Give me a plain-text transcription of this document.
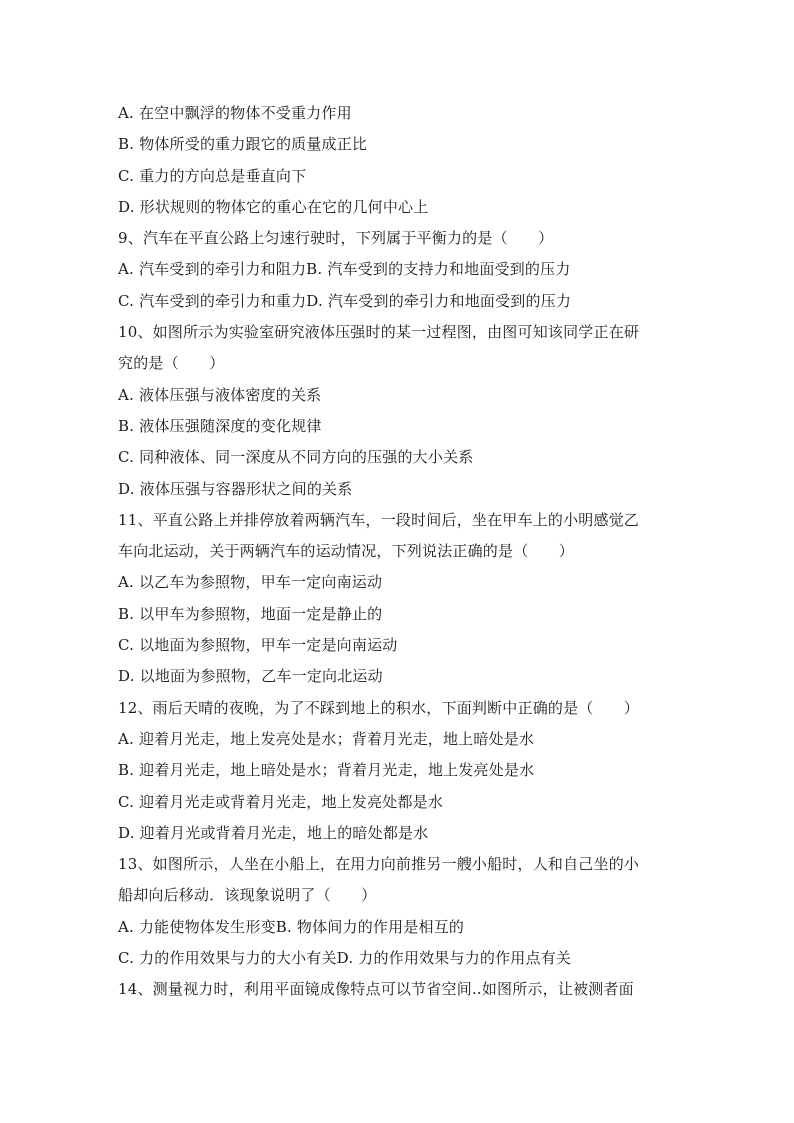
A. 在空中飘浮的物体不受重力作用
B. 物体所受的重力跟它的质量成正比
C. 重力的方向总是垂直向下
D. 形状规则的物体它的重心在它的几何中心上
9、汽车在平直公路上匀速行驶时，下列属于平衡力的是（　　）
A. 汽车受到的牵引力和阻力B. 汽车受到的支持力和地面受到的压力
C. 汽车受到的牵引力和重力D. 汽车受到的牵引力和地面受到的压力
10、如图所示为实验室研究液体压强时的某一过程图，由图可知该同学正在研
究的是（　　）
A. 液体压强与液体密度的关系
B. 液体压强随深度的变化规律
C. 同种液体、同一深度从不同方向的压强的大小关系
D. 液体压强与容器形状之间的关系
11、平直公路上并排停放着两辆汽车，一段时间后，坐在甲车上的小明感觉乙
车向北运动，关于两辆汽车的运动情况，下列说法正确的是（　　）
A. 以乙车为参照物，甲车一定向南运动
B. 以甲车为参照物，地面一定是静止的
C. 以地面为参照物，甲车一定是向南运动
D. 以地面为参照物，乙车一定向北运动
12、雨后天晴的夜晚，为了不踩到地上的积水，下面判断中正确的是（　　）
A. 迎着月光走，地上发亮处是水；背着月光走，地上暗处是水
B. 迎着月光走，地上暗处是水；背着月光走，地上发亮处是水
C. 迎着月光走或背着月光走，地上发亮处都是水
D. 迎着月光或背着月光走，地上的暗处都是水
13、如图所示，人坐在小船上，在用力向前推另一艘小船时，人和自己坐的小
船却向后移动．该现象说明了（　　）
A. 力能使物体发生形变B. 物体间力的作用是相互的
C. 力的作用效果与力的大小有关D. 力的作用效果与力的作用点有关
14、测量视力时，利用平面镜成像特点可以节省空间..如图所示，让被测者面
